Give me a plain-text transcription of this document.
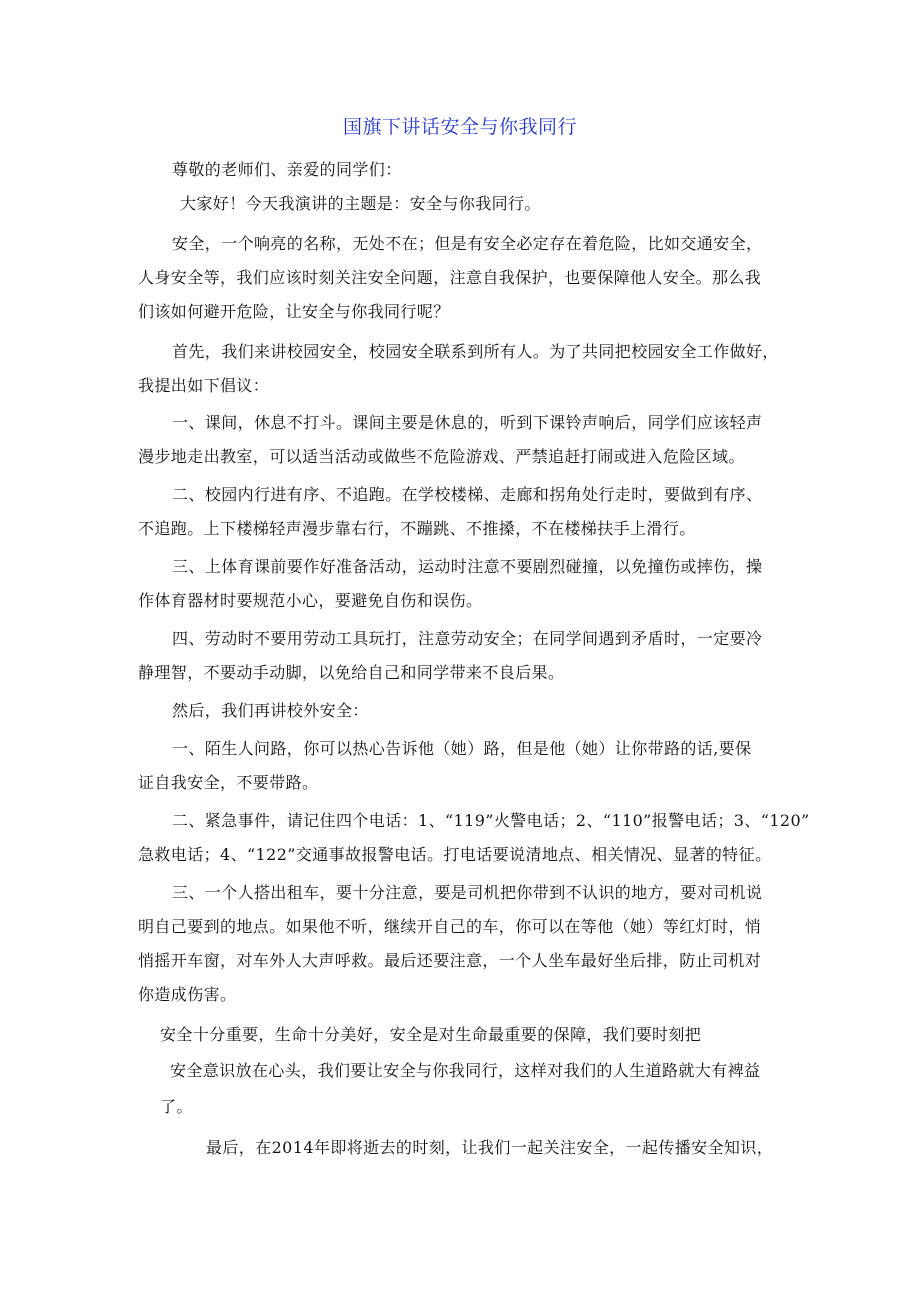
国旗下讲话安全与你我同行
尊敬的老师们、亲爱的同学们：
大家好！今天我演讲的主题是：安全与你我同行。
安全，一个响亮的名称，无处不在；但是有安全必定存在着危险，比如交通安全，
人身安全等，我们应该时刻关注安全问题，注意自我保护，也要保障他人安全。那么我
们该如何避开危险，让安全与你我同行呢？
首先，我们来讲校园安全，校园安全联系到所有人。为了共同把校园安全工作做好，
我提出如下倡议：
一、课间，休息不打斗。课间主要是休息的，听到下课铃声响后，同学们应该轻声
漫步地走出教室，可以适当活动或做些不危险游戏、严禁追赶打闹或进入危险区域。
二、校园内行进有序、不追跑。在学校楼梯、走廊和拐角处行走时，要做到有序、
不追跑。上下楼梯轻声漫步靠右行，不蹦跳、不推搡，不在楼梯扶手上滑行。
三、上体育课前要作好准备活动，运动时注意不要剧烈碰撞，以免撞伤或摔伤，操
作体育器材时要规范小心，要避免自伤和误伤。
四、劳动时不要用劳动工具玩打，注意劳动安全；在同学间遇到矛盾时，一定要冷
静理智，不要动手动脚，以免给自己和同学带来不良后果。
然后，我们再讲校外安全：
一、陌生人问路，你可以热心告诉他（她）路，但是他（她）让你带路的话,要保
证自我安全，不要带路。
二、紧急事件，请记住四个电话：1、“119”火警电话；2、“110”报警电话；3、“120”
急救电话；4、“122”交通事故报警电话。打电话要说清地点、相关情况、显著的特征。
三、一个人搭出租车，要十分注意，要是司机把你带到不认识的地方，要对司机说
明自己要到的地点。如果他不听，继续开自己的车，你可以在等他（她）等红灯时，悄
悄摇开车窗，对车外人大声呼救。最后还要注意，一个人坐车最好坐后排，防止司机对
你造成伤害。
安全十分重要，生命十分美好，安全是对生命最重要的保障，我们要时刻把
安全意识放在心头，我们要让安全与你我同行，这样对我们的人生道路就大有裨益
了。
最后，在2014年即将逝去的时刻，让我们一起关注安全，一起传播安全知识，
